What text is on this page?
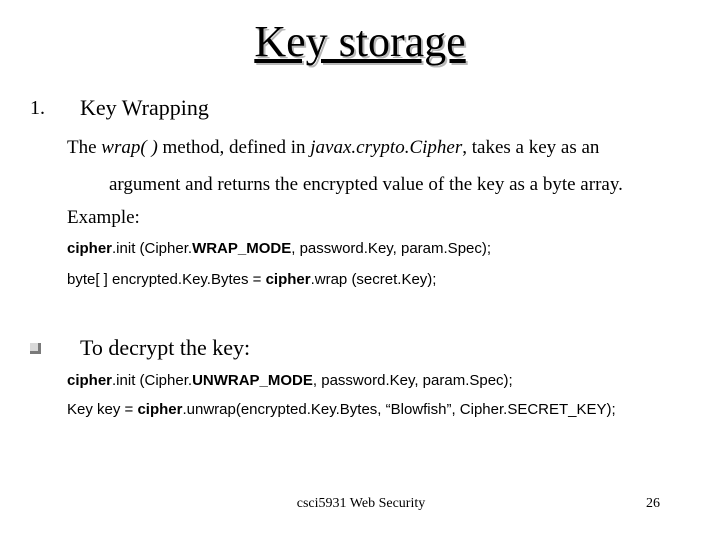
Key storage
1. Key Wrapping
The wrap( ) method, defined in javax.crypto.Cipher, takes a key as an
argument and returns the encrypted value of the key as a byte array.
Example:
cipher.init (Cipher.WRAP_MODE, password.Key, param.Spec);
byte[ ] encrypted.Key.Bytes = cipher.wrap (secret.Key);
To decrypt the key:
cipher.init (Cipher.UNWRAP_MODE, password.Key, param.Spec);
Key key = cipher.unwrap(encrypted.Key.Bytes, “Blowfish”, Cipher.SECRET_KEY);
csci5931 Web Security	26
